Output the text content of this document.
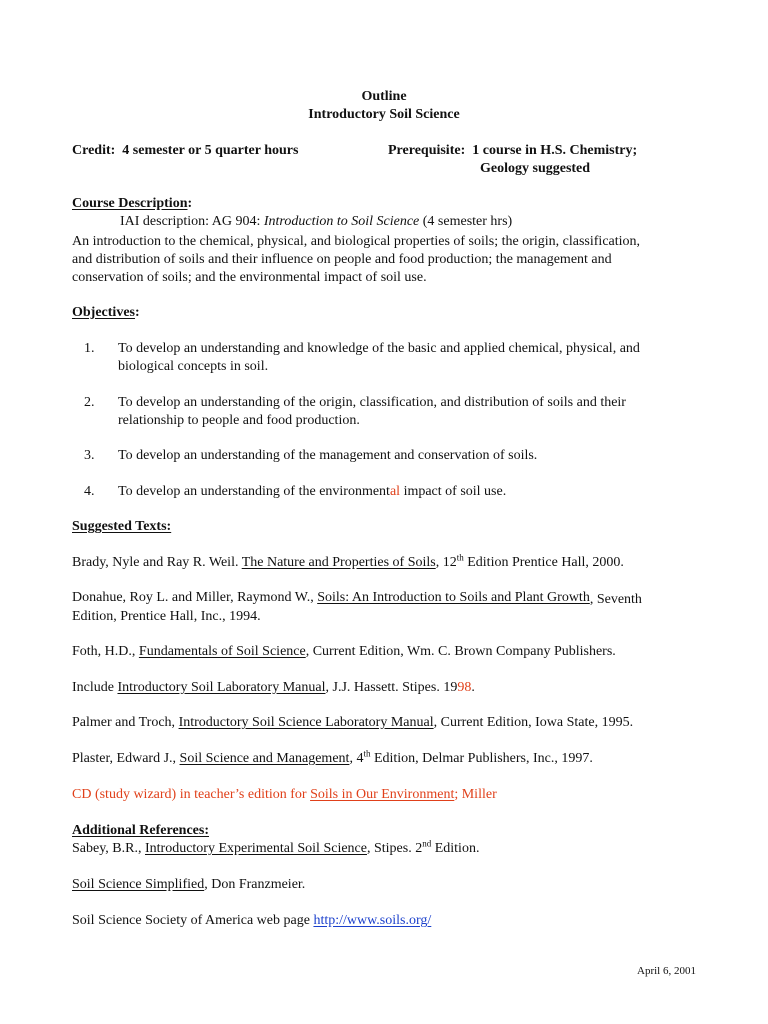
Outline
Introductory Soil Science
Credit: 4 semester or 5 quarter hours	Prerequisite: 1 course in H.S. Chemistry;
Geology suggested
Course Description:
IAI description: AG 904: Introduction to Soil Science (4 semester hrs)
An introduction to the chemical, physical, and biological properties of soils; the origin, classification,
and distribution of soils and their influence on people and food production; the management and
conservation of soils; and the environmental impact of soil use.
Objectives:
1. To develop an understanding and knowledge of the basic and applied chemical, physical, and
biological concepts in soil.
2. To develop an understanding of the origin, classification, and distribution of soils and their
relationship to people and food production.
3. To develop an understanding of the management and conservation of soils.
4. To develop an understanding of the environmental impact of soil use.
Suggested Texts:
Brady, Nyle and Ray R. Weil. The Nature and Properties of Soils, 12th Edition Prentice Hall, 2000.
Donahue, Roy L. and Miller, Raymond W., Soils: An Introduction to Soils and Plant Growth, Seventh
Edition, Prentice Hall, Inc., 1994.
Foth, H.D., Fundamentals of Soil Science, Current Edition, Wm. C. Brown Company Publishers.
Include Introductory Soil Laboratory Manual, J.J. Hassett. Stipes. 1998.
Palmer and Troch, Introductory Soil Science Laboratory Manual, Current Edition, Iowa State, 1995.
Plaster, Edward J., Soil Science and Management, 4th Edition, Delmar Publishers, Inc., 1997.
CD (study wizard) in teacher’s edition for Soils in Our Environment; Miller
Additional References:
Sabey, B.R., Introductory Experimental Soil Science, Stipes. 2nd Edition.
Soil Science Simplified, Don Franzmeier.
Soil Science Society of America web page http://www.soils.org/
April 6, 2001
